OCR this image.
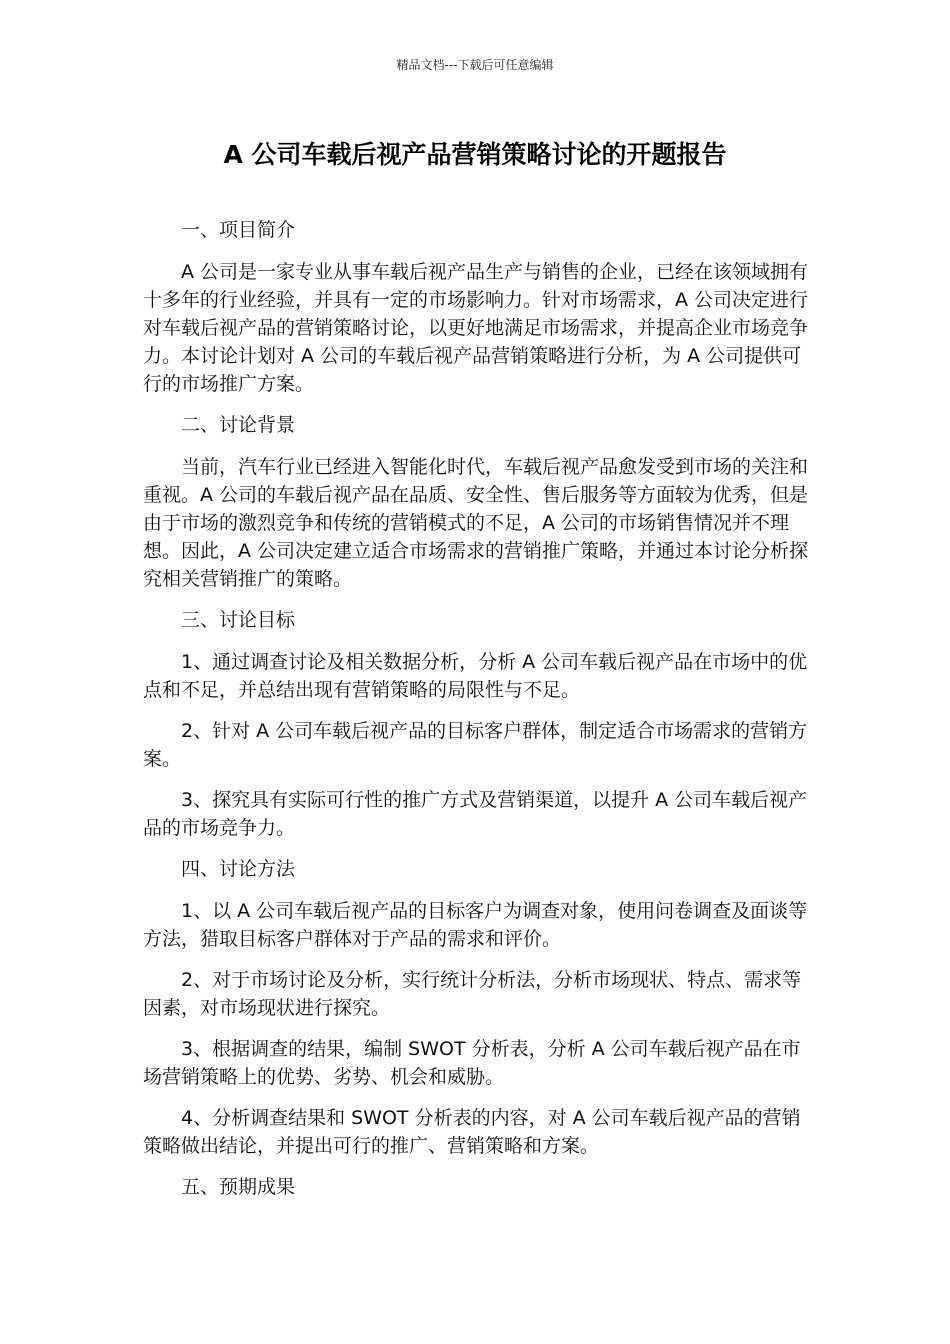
精品文档---下载后可任意编辑
A 公司车载后视产品营销策略讨论的开题报告

一、项目简介

A 公司是一家专业从事车载后视产品生产与销售的企业，已经在该领域拥有十多年的行业经验，并具有一定的市场影响力。针对市场需求，A 公司决定进行对车载后视产品的营销策略讨论，以更好地满足市场需求，并提高企业市场竞争力。本讨论计划对 A 公司的车载后视产品营销策略进行分析，为 A 公司提供可行的市场推广方案。

二、讨论背景

当前，汽车行业已经进入智能化时代，车载后视产品愈发受到市场的关注和重视。A 公司的车载后视产品在品质、安全性、售后服务等方面较为优秀，但是由于市场的激烈竞争和传统的营销模式的不足，A 公司的市场销售情况并不理想。因此，A 公司决定建立适合市场需求的营销推广策略，并通过本讨论分析探究相关营销推广的策略。

三、讨论目标

1、通过调查讨论及相关数据分析，分析 A 公司车载后视产品在市场中的优点和不足，并总结出现有营销策略的局限性与不足。

2、针对 A 公司车载后视产品的目标客户群体，制定适合市场需求的营销方案。

3、探究具有实际可行性的推广方式及营销渠道，以提升 A 公司车载后视产品的市场竞争力。

四、讨论方法

1、以 A 公司车载后视产品的目标客户为调查对象，使用问卷调查及面谈等方法，猎取目标客户群体对于产品的需求和评价。

2、对于市场讨论及分析，实行统计分析法，分析市场现状、特点、需求等因素，对市场现状进行探究。

3、根据调查的结果，编制 SWOT 分析表，分析 A 公司车载后视产品在市场营销策略上的优势、劣势、机会和威胁。

4、分析调查结果和 SWOT 分析表的内容，对 A 公司车载后视产品的营销策略做出结论，并提出可行的推广、营销策略和方案。

五、预期成果
